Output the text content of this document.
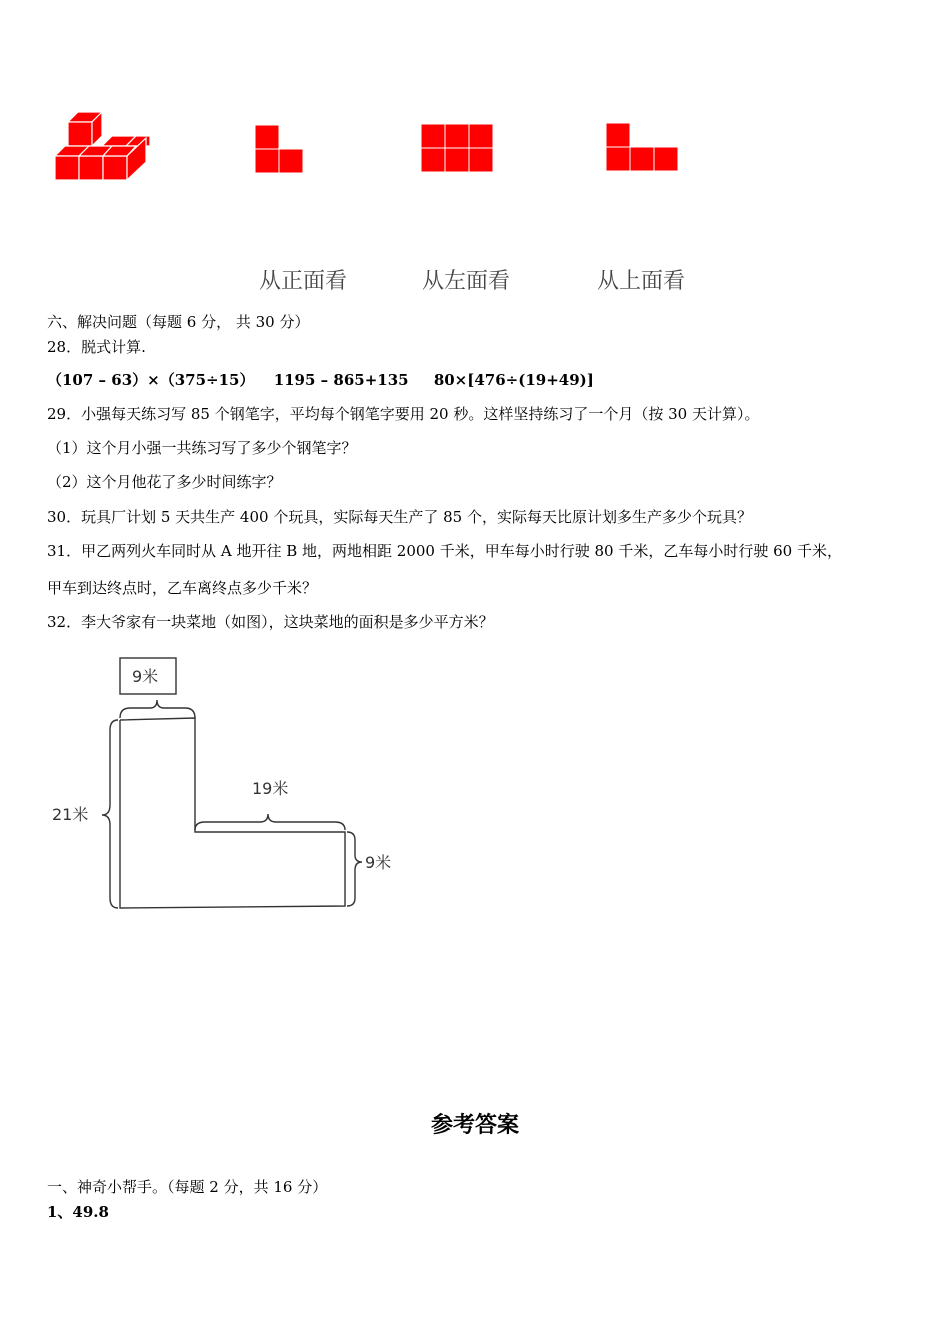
从正面看	从左面看	从上面看
六、解决问题（每题 6 分， 共 30 分）
28．脱式计算.
（107 – 63）×（375÷15） 1195 – 865+135 80×[476÷(19+49)]
29．小强每天练习写 85 个钢笔字，平均每个钢笔字要用 20 秒。这样坚持练习了一个月（按 30 天计算）。
（1）这个月小强一共练习写了多少个钢笔字？
（2）这个月他花了多少时间练字？
30．玩具厂计划 5 天共生产 400 个玩具，实际每天生产了 85 个，实际每天比原计划多生产多少个玩具？
31．甲乙两列火车同时从 A 地开往 B 地，两地相距 2000 千米，甲车每小时行驶 80 千米，乙车每小时行驶 60 千米，
甲车到达终点时，乙车离终点多少千米？
32．李大爷家有一块菜地（如图），这块菜地的面积是多少平方米？
9米
21米
19米
9米
参考答案
一、神奇小帮手。（每题 2 分，共 16 分）
1、49.8
